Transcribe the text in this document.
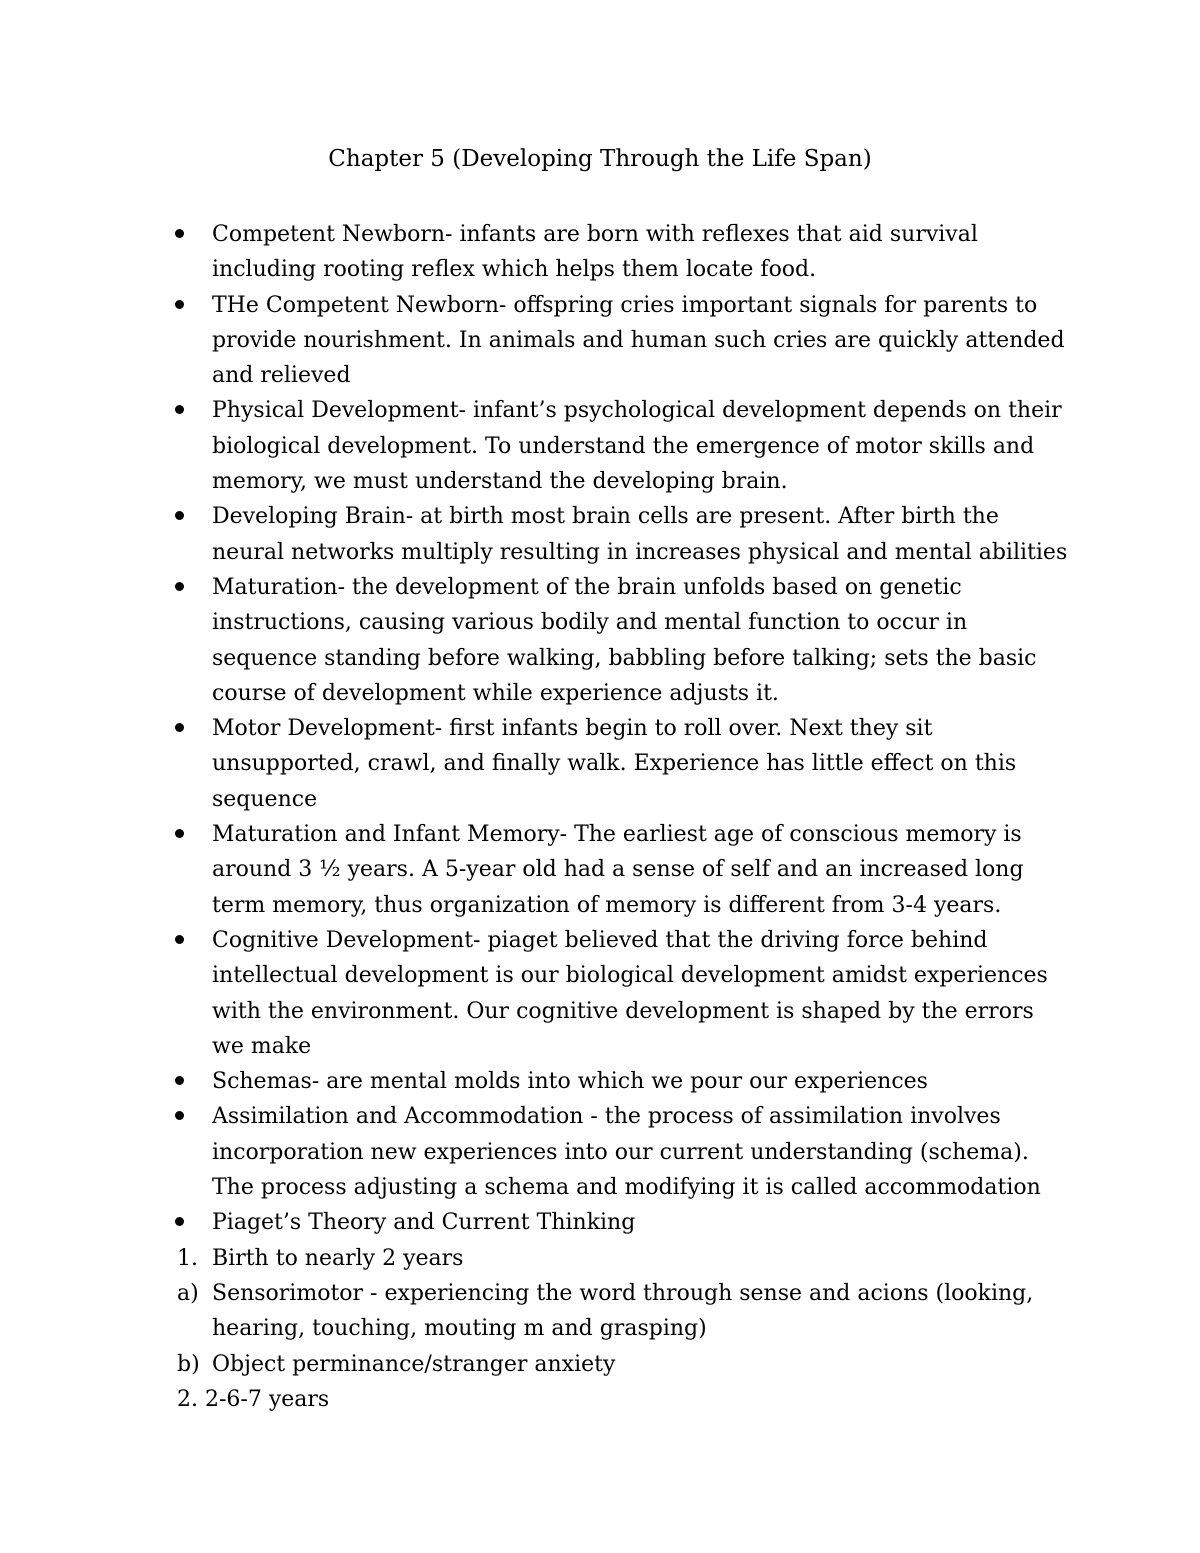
Chapter 5 (Developing Through the Life Span)
Competent Newborn- infants are born with reflexes that aid survival including rooting reflex which helps them locate food.
THe Competent Newborn- offspring cries important signals for parents to provide nourishment. In animals and human such cries are quickly attended and relieved
Physical Development- infant’s psychological development depends on their biological development. To understand the emergence of motor skills and memory, we must understand the developing brain.
Developing Brain- at birth most brain cells are present. After birth the neural networks multiply resulting in increases physical and mental abilities
Maturation- the development of the brain unfolds based on genetic instructions, causing various bodily and mental function to occur in sequence standing before walking, babbling before talking; sets the basic course of development while experience adjusts it.
Motor Development- first infants begin to roll over. Next they sit unsupported, crawl, and finally walk. Experience has little effect on this sequence
Maturation and Infant Memory- The earliest age of conscious memory is around 3 ½ years. A 5-year old had a sense of self and an increased long term memory, thus organization of memory is different from 3-4 years.
Cognitive Development- piaget believed that the driving force behind intellectual development is our biological development amidst experiences with the environment. Our cognitive development is shaped by the errors we make
Schemas- are mental molds into which we pour our experiences
Assimilation and Accommodation - the process of assimilation involves incorporation new experiences into our current understanding (schema). The process adjusting a schema and modifying it is called accommodation
Piaget’s Theory and Current Thinking
1. Birth to nearly 2 years
a) Sensorimotor - experiencing the word through sense and acions (looking, hearing, touching, mouting m and grasping)
b) Object perminance/stranger anxiety
2. 2-6-7 years
